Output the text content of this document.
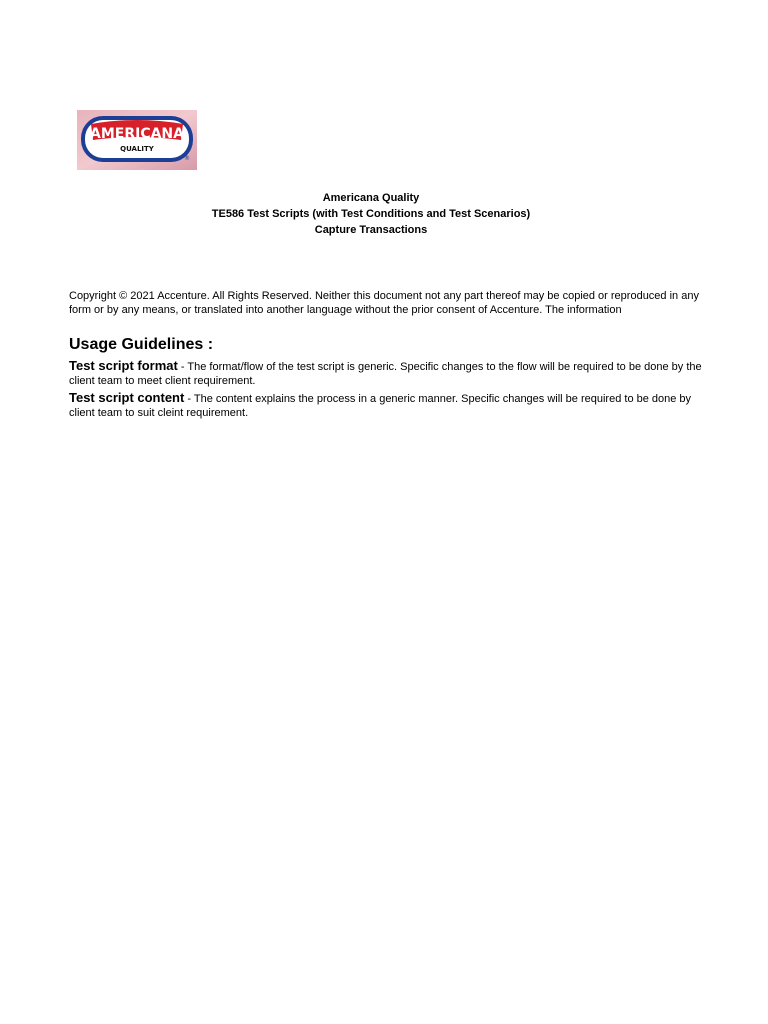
AMERICANA
QUALITY
®
Americana Quality
TE586 Test Scripts (with Test Conditions and Test Scenarios)
Capture Transactions
Copyright © 2021 Accenture. All Rights Reserved. Neither this document not any part thereof may be copied or reproduced in any form or by any means, or translated into another language without the prior consent of Accenture. The information
Usage Guidelines :
Test script format - The format/flow of the test script is generic. Specific changes to the flow will be required to be done by the client team to meet client requirement.
Test script content - The content explains the process in a generic manner. Specific changes will be required to be done by client team to suit cleint requirement.
